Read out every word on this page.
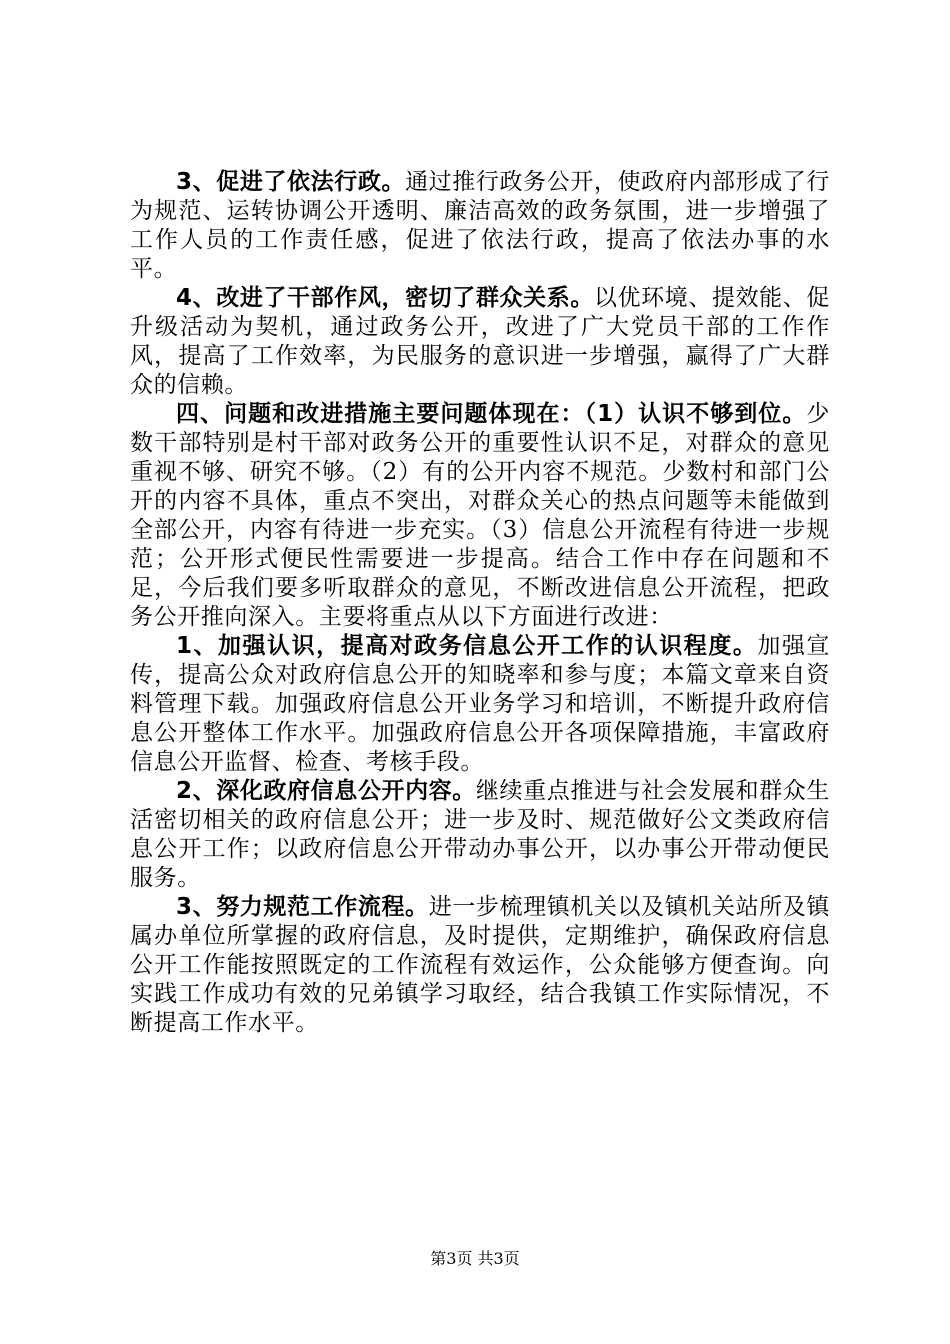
3、促进了依法行政。通过推行政务公开，使政府内部形成了行为规范、运转协调公开透明、廉洁高效的政务氛围，进一步增强了工作人员的工作责任感，促进了依法行政，提高了依法办事的水平。

4、改进了干部作风，密切了群众关系。以优环境、提效能、促升级活动为契机，通过政务公开，改进了广大党员干部的工作作风，提高了工作效率，为民服务的意识进一步增强，赢得了广大群众的信赖。

四、问题和改进措施主要问题体现在：（1）认识不够到位。少数干部特别是村干部对政务公开的重要性认识不足，对群众的意见重视不够、研究不够。（2）有的公开内容不规范。少数村和部门公开的内容不具体，重点不突出，对群众关心的热点问题等未能做到全部公开，内容有待进一步充实。（3）信息公开流程有待进一步规范；公开形式便民性需要进一步提高。结合工作中存在问题和不足，今后我们要多听取群众的意见，不断改进信息公开流程，把政务公开推向深入。主要将重点从以下方面进行改进：

1、加强认识，提高对政务信息公开工作的认识程度。加强宣传，提高公众对政府信息公开的知晓率和参与度；本篇文章来自资料管理下载。加强政府信息公开业务学习和培训，不断提升政府信息公开整体工作水平。加强政府信息公开各项保障措施，丰富政府信息公开监督、检查、考核手段。

2、深化政府信息公开内容。继续重点推进与社会发展和群众生活密切相关的政府信息公开；进一步及时、规范做好公文类政府信息公开工作；以政府信息公开带动办事公开，以办事公开带动便民服务。

3、努力规范工作流程。进一步梳理镇机关以及镇机关站所及镇属办单位所掌握的政府信息，及时提供，定期维护，确保政府信息公开工作能按照既定的工作流程有效运作，公众能够方便查询。向实践工作成功有效的兄弟镇学习取经，结合我镇工作实际情况，不断提高工作水平。

第3页 共3页
